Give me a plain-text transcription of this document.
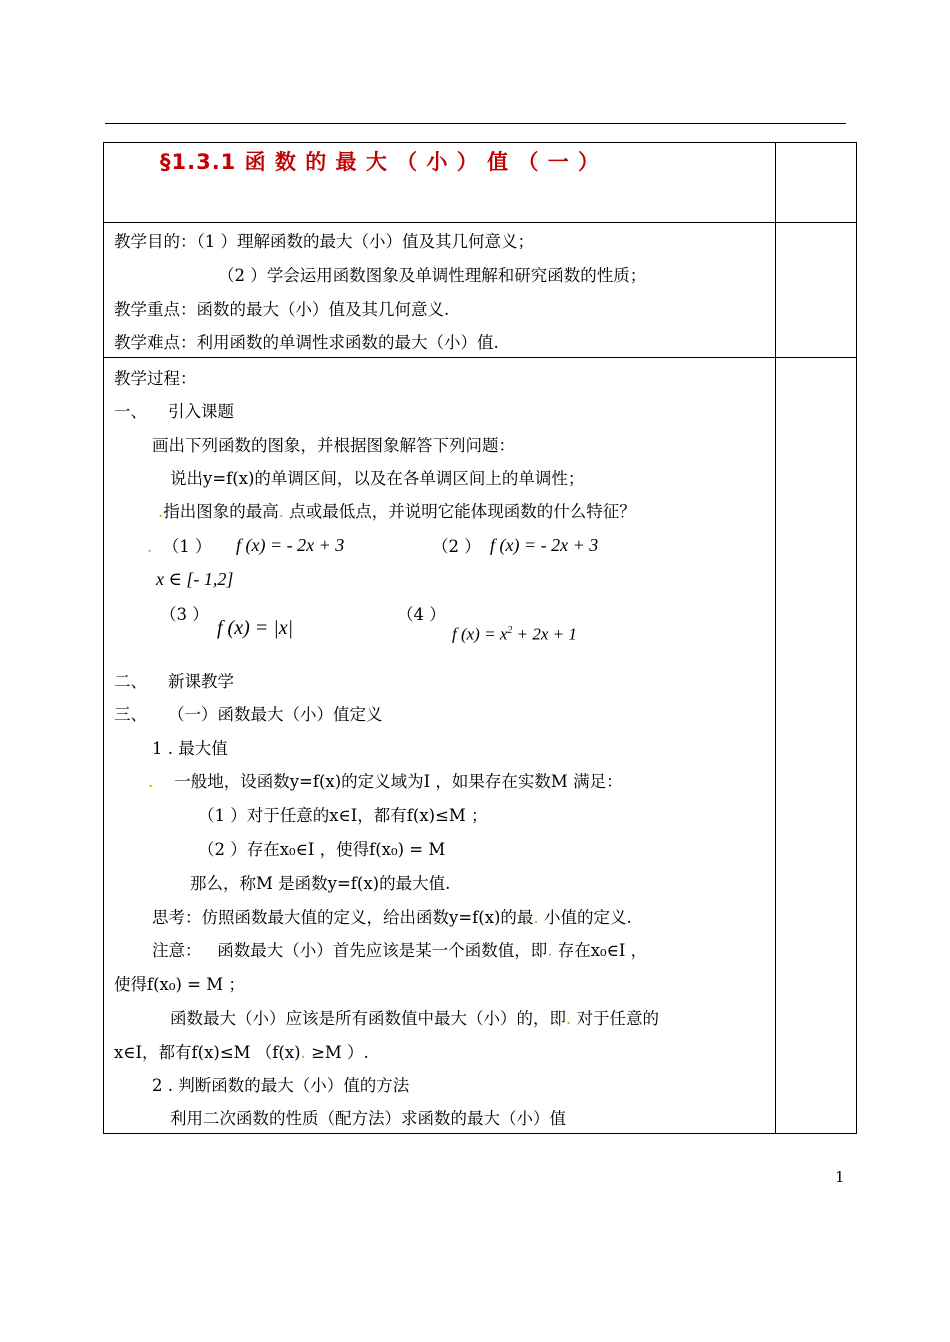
§1.3.1 函 数 的 最 大 （ 小 ） 值 （ 一 ）
教学目的：（1 ）理解函数的最大（小）值及其几何意义；
（2 ）学会运用函数图象及单调性理解和研究函数的性质；
教学重点：函数的最大（小）值及其几何意义.
教学难点：利用函数的单调性求函数的最大（小）值.
教学过程：
一、    引入课题
画出下列函数的图象，并根据图象解答下列问题：
说出y=f(x)的单调区间，以及在各单调区间上的单调性；
.指出图象的最高. 点或最低点，并说明它能体现函数的什么特征？
. （1 ） f (x) = - 2x + 3	（2 ） f (x) = - 2x + 3
x ∈ [- 1,2]
（3 ）
f (x) = |x|
（4 ）
f $(x) = x^2 + 2x + 1$
二、    新课教学
三、    （一）函数最大（小）值定义
1 . 最大值
. 一般地，设函数y=f(x)的定义域为I ，如果存在实数M 满足：
（1 ）对于任意的x∈I，都有f(x)≤M ；
（2 ）存在x₀∈I ，使得f(x₀) = M
那么，称M 是函数y=f(x)的最大值.
思考：仿照函数最大值的定义，给出函数y=f(x)的最. 小值的定义.
注意：   函数最大（小）首先应该是某一个函数值，即. 存在x₀∈I ，
使得f(x₀) = M ；
函数最大（小）应该是所有函数值中最大（小）的，即. 对于任意的
x∈I，都有f(x)≤M （f(x). ≥M ）.
2 . 判断函数的最大（小）值的方法
利用二次函数的性质（配方法）求函数的最大（小）值
1
